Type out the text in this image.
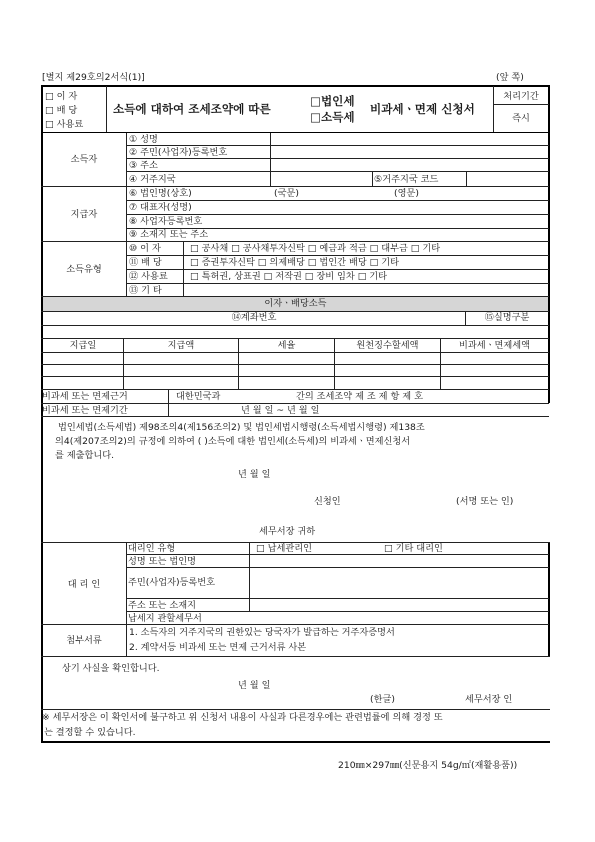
[별지 제29호의2서식(1)]	(앞 쪽)
□ 이 자
□ 배 당
□ 사용료
소득에 대하여 조세조약에 따른
□법인세
□소득세
비과세ㆍ면제 신청서
처리기간
즉시
소득자
① 성명
② 주민(사업자)등록번호
③ 주소
④ 거주지국	⑤거주지국 코드
지급자
⑥ 법인명(상호)	(국문)	(영문)
⑦ 대표자(성명)
⑧ 사업자등록번호
⑨ 소재지 또는 주소
소득유형
⑩ 이 자	□ 공사채 □ 공사채투자신탁 □ 예금과 적금 □ 대부금 □ 기타
⑪ 배 당	□ 증권투자신탁 □ 의제배당 □ 법인간 배당 □ 기타
⑫ 사용료 □ 특허권, 상표권 □ 저작권 □ 장비 임차 □ 기타
⑬ 기 타
이자ㆍ배당소득
⑭계좌번호	⑮실명구분
지급일	지급액	세율	원천징수할세액	비과세ㆍ면제세액
비과세 또는 면제근거	대한민국과	간의 조세조약 제 조 제 항 제 호
비과세 또는 면제기간	년 월 일 ~ 년 월 일
법인세법(소득세법) 제98조의4(제156조의2) 및 법인세법시행령(소득세법시행령) 제138조
의4(제207조의2)의 규정에 의하여 ( )소득에 대한 법인세(소득세)의 비과세ㆍ면제신청서
를 제출합니다.
년 월 일
신청인	(서명 또는 인)
세무서장 귀하
대 리 인
대리인 유형	□ 납세관리인	□ 기타 대리인
성명 또는 법인명
주민(사업자)등록번호
주소 또는 소재지
납세지 관할세무서
첨부서류
1. 소득자의 거주지국의 권한있는 당국자가 발급하는 거주자증명서
2. 계약서등 비과세 또는 면제 근거서류 사본
상기 사실을 확인합니다.
년 월 일
(한글)	세무서장 인
※ 세무서장은 이 확인서에 불구하고 위 신청서 내용이 사실과 다른경우에는 관련법률에 의해 경정 또
는 결정할 수 있습니다.
210㎜×297㎜(신문용지 54g/㎡(재활용품))
